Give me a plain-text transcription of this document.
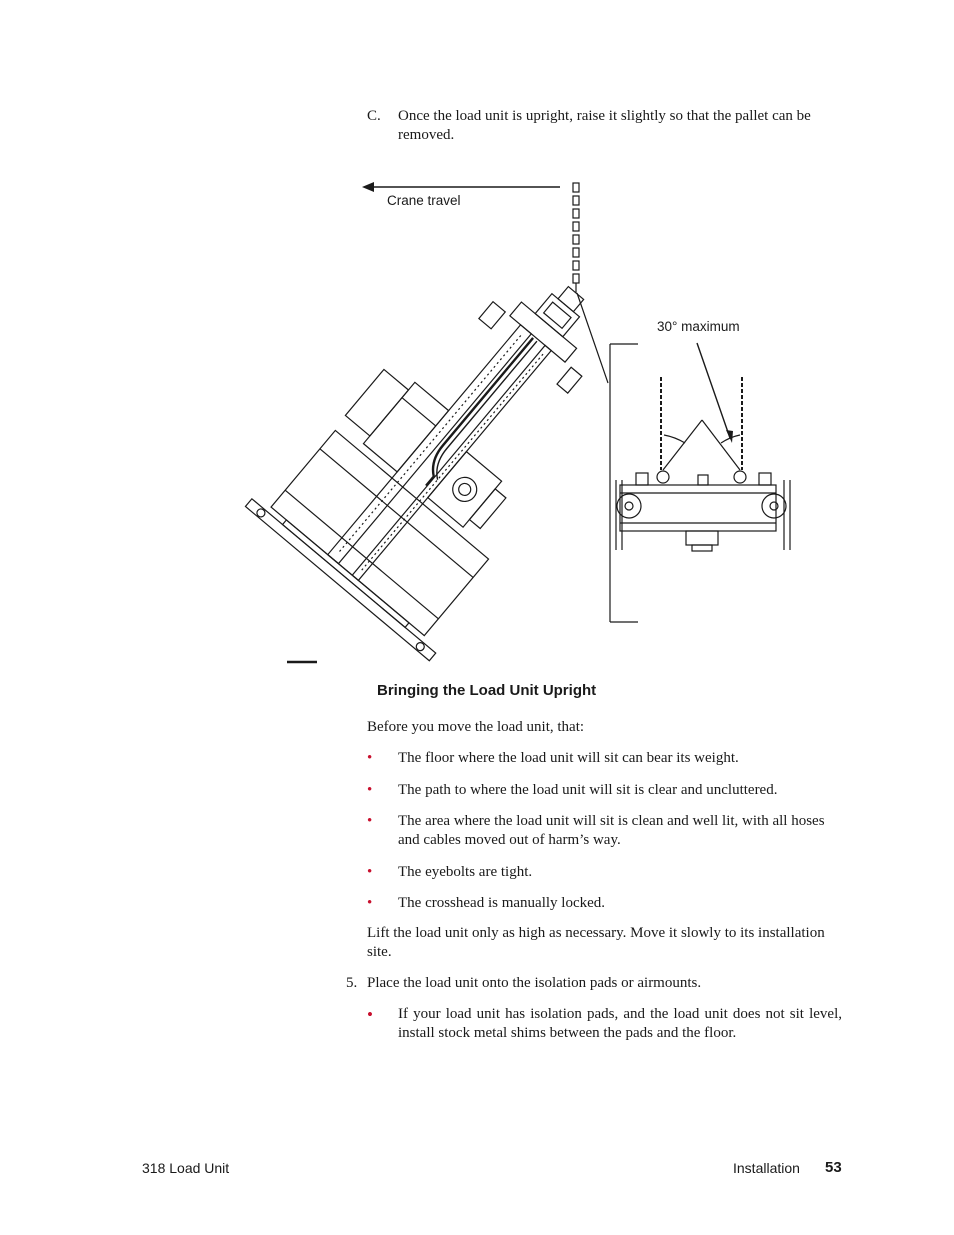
C. Once the load unit is upright, raise it slightly so that the pallet can be removed.
Crane travel
30° maximum
Bringing the Load Unit Upright
Before you move the load unit, that:
• The floor where the load unit will sit can bear its weight.
• The path to where the load unit will sit is clear and uncluttered.
• The area where the load unit will sit is clean and well lit, with all hoses and cables moved out of harm’s way.
• The eyebolts are tight.
• The crosshead is manually locked.
Lift the load unit only as high as necessary. Move it slowly to its installation site.
5. Place the load unit onto the isolation pads or airmounts.
• If your load unit has isolation pads, and the load unit does not sit level, install stock metal shims between the pads and the floor.
318 Load Unit	Installation 53
